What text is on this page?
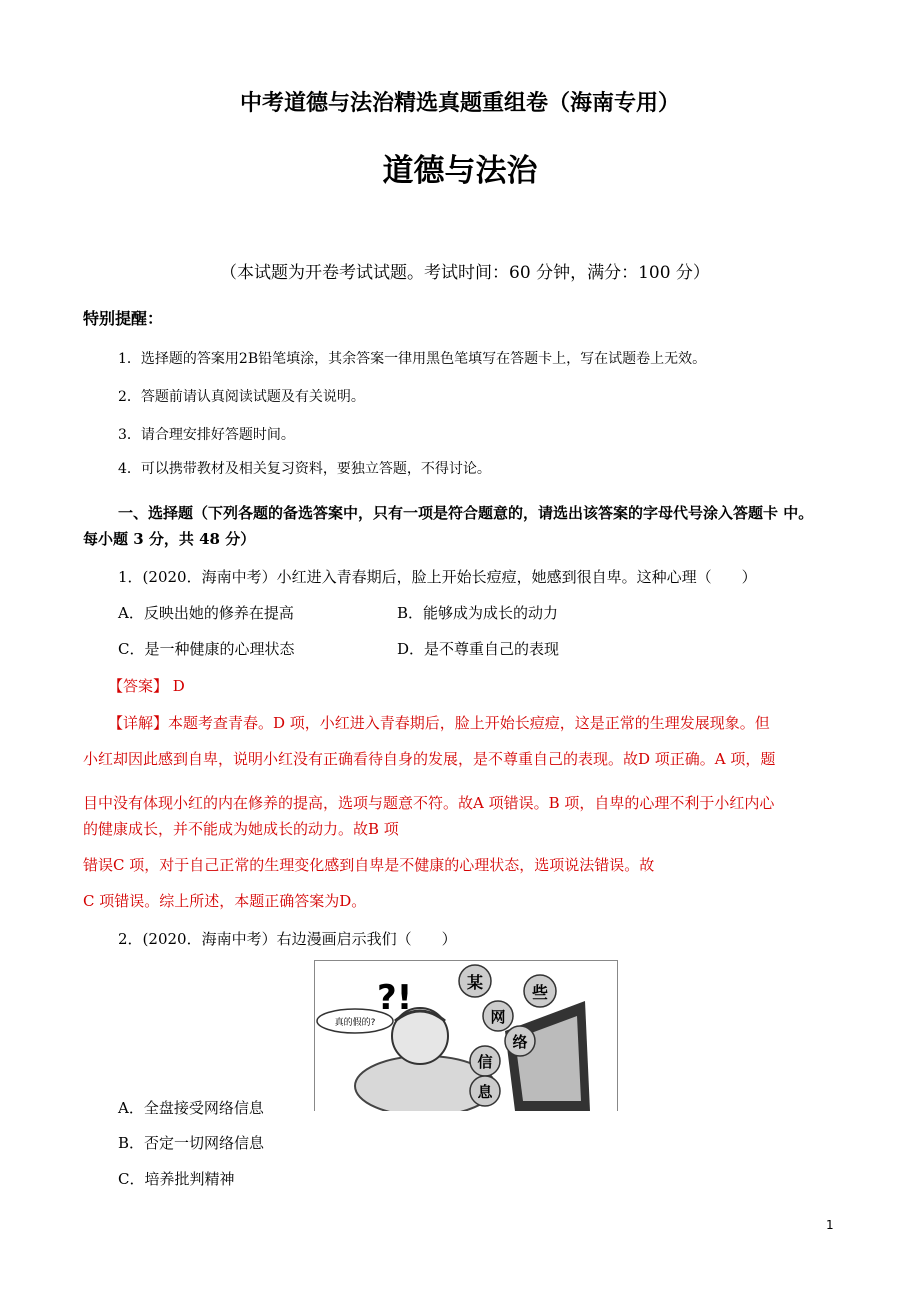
中考道德与法治精选真题重组卷（海南专用）
道德与法治
（本试题为开卷考试试题。考试时间：60 分钟，满分：100 分）
特别提醒：
1．选择题的答案用2B铅笔填涂，其余答案一律用黑色笔填写在答题卡上，写在试题卷上无效。
2．答题前请认真阅读试题及有关说明。
3．请合理安排好答题时间。
4．可以携带教材及相关复习资料，要独立答题，不得讨论。
一、选择题（下列各题的备选答案中，只有一项是符合题意的，请选出该答案的字母代号涂入答题卡 中。
每小题 3 分，共 48 分）
1．(2020．海南中考）小红进入青春期后，脸上开始长痘痘，她感到很自卑。这种心理（　　）
A．反映出她的修养在提高	B．能够成为成长的动力
C．是一种健康的心理状态	D．是不尊重自己的表现
【答案】 D
【详解】本题考查青春。D 项，小红进入青春期后，脸上开始长痘痘，这是正常的生理发展现象。但
小红却因此感到自卑，说明小红没有正确看待自身的发展，是不尊重自己的表现。故D 项正确。A 项，题
目中没有体现小红的内在修养的提高，选项与题意不符。故A 项错误。B 项，自卑的心理不利于小红内心
的健康成长，并不能成为她成长的动力。故B 项
错误C 项，对于自己正常的生理变化感到自卑是不健康的心理状态，选项说法错误。故
C 项错误。综上所述，本题正确答案为D。
2．(2020．海南中考）右边漫画启示我们（　　）
真的假的?
?!	某
些
网
络
信
息
A．全盘接受网络信息
B．否定一切网络信息
C．培养批判精神
1
